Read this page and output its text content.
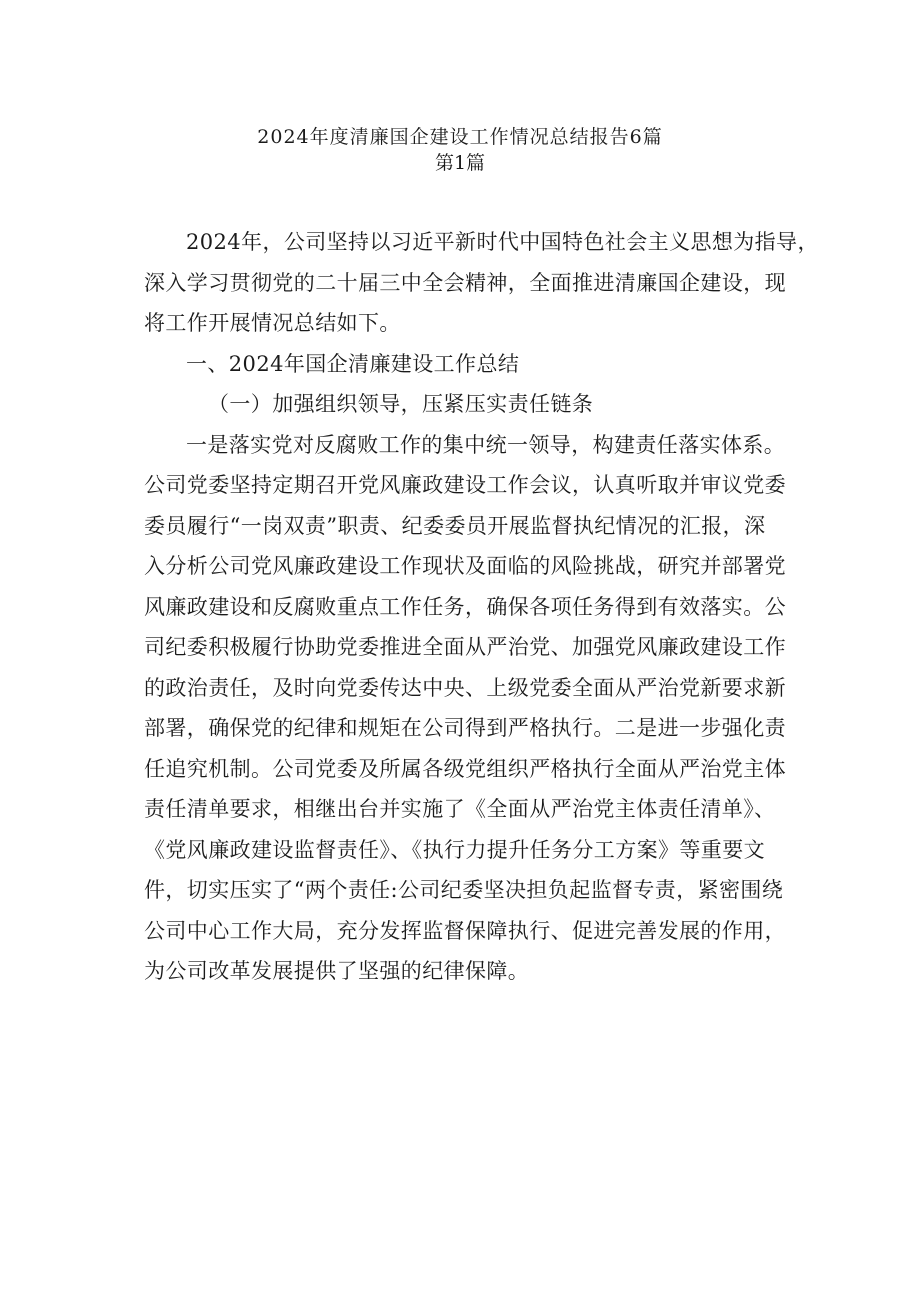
2024年度清廉国企建设工作情况总结报告6篇
第1篇
2024年，公司坚持以习近平新时代中国特色社会主义思想为指导，
深入学习贯彻党的二十届三中全会精神，全面推进清廉国企建设，现
将工作开展情况总结如下。
一、2024年国企清廉建设工作总结
（一）加强组织领导，压紧压实责任链条
一是落实党对反腐败工作的集中统一领导，构建责任落实体系。
公司党委坚持定期召开党风廉政建设工作会议，认真听取并审议党委
委员履行“一岗双责”职责、纪委委员开展监督执纪情况的汇报，深
入分析公司党风廉政建设工作现状及面临的风险挑战，研究并部署党
风廉政建设和反腐败重点工作任务，确保各项任务得到有效落实。公
司纪委积极履行协助党委推进全面从严治党、加强党风廉政建设工作
的政治责任，及时向党委传达中央、上级党委全面从严治党新要求新
部署，确保党的纪律和规矩在公司得到严格执行。二是进一步强化责
任追究机制。公司党委及所属各级党组织严格执行全面从严治党主体
责任清单要求，相继出台并实施了《全面从严治党主体责任清单》、
《党风廉政建设监督责任》、《执行力提升任务分工方案》等重要文
件，切实压实了“两个责任:公司纪委坚决担负起监督专责，紧密围绕
公司中心工作大局，充分发挥监督保障执行、促进完善发展的作用，
为公司改革发展提供了坚强的纪律保障。
